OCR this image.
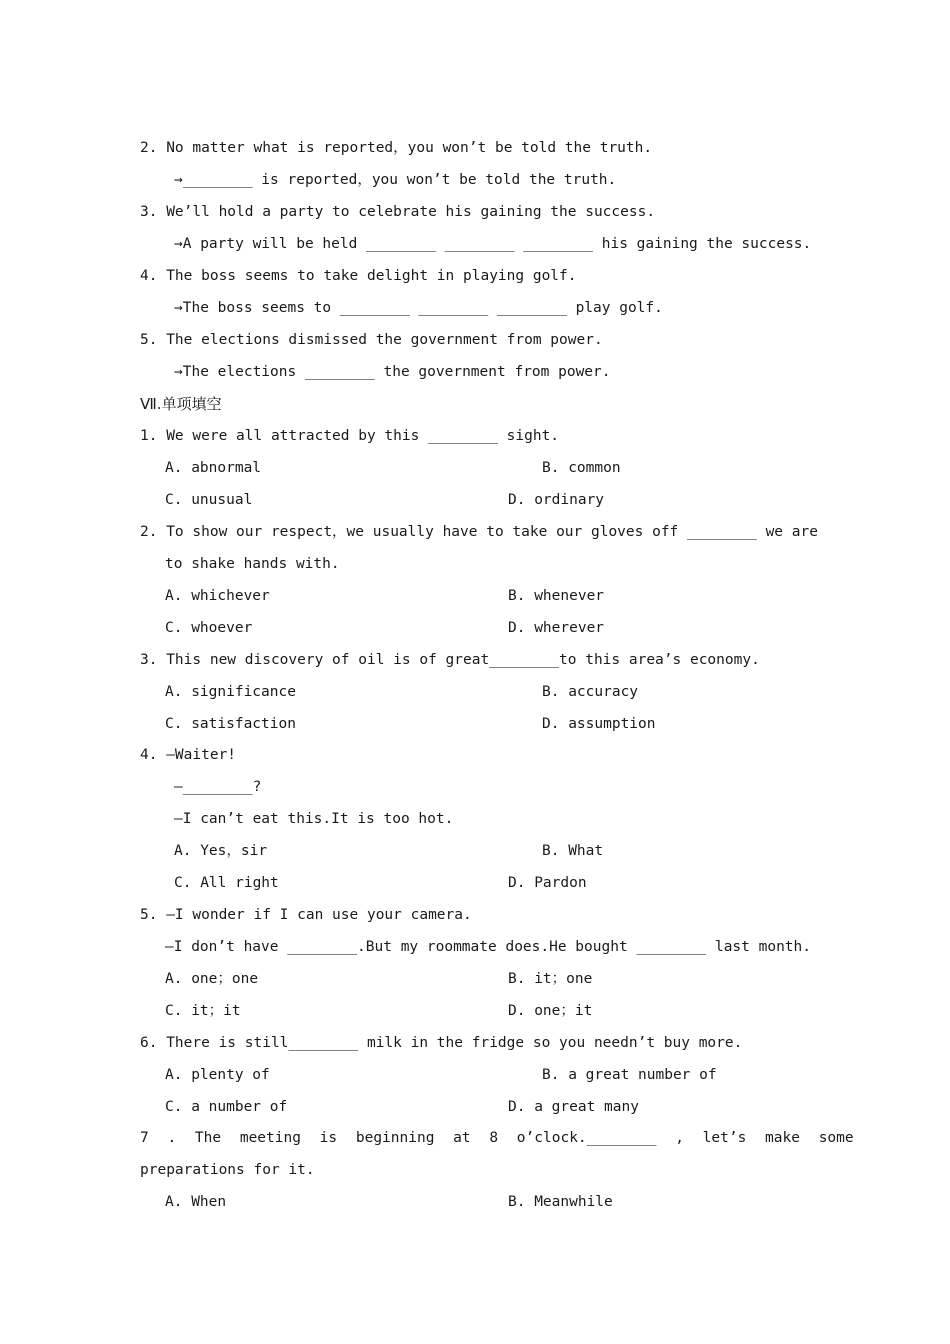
2. No matter what is reported，you won’t be told the truth.
→________ is reported，you won’t be told the truth.
3. We’ll hold a party to celebrate his gaining the success.
→A party will be held ________ ________ ________ his gaining the success.
4. The boss seems to take delight in playing golf.
→The boss seems to ________ ________ ________ play golf.
5. The elections dismissed the government from power.
→The elections ________ the government from power.
Ⅶ.单项填空
1. We were all attracted by this ________ sight.
A. abnormal	B. common
C. unusual	D. ordinary
2. To show our respect，we usually have to take our gloves off ________ we are
to shake hands with.
A. whichever	B. whenever
C. whoever	D. wherever
3. This new discovery of oil is of great________to this area’s economy.
A. significance	B. accuracy
C. satisfaction	D. assumption
4. —Waiter!
—________?
—I can’t eat this.It is too hot.
A. Yes，sir	B. What
C. All right	D. Pardon
5. —I wonder if I can use your camera.
—I don’t have ________.But my roommate does.He bought ________ last month.
A. one；one	B. it；one
C. it；it	D. one；it
6. There is still________ milk in the fridge so you needn’t buy more.
A. plenty of	B. a great number of
C. a number of	D. a great many
7 . The meeting is beginning at 8 o’clock.________ , let’s make some
preparations for it.
A. When	B. Meanwhile
